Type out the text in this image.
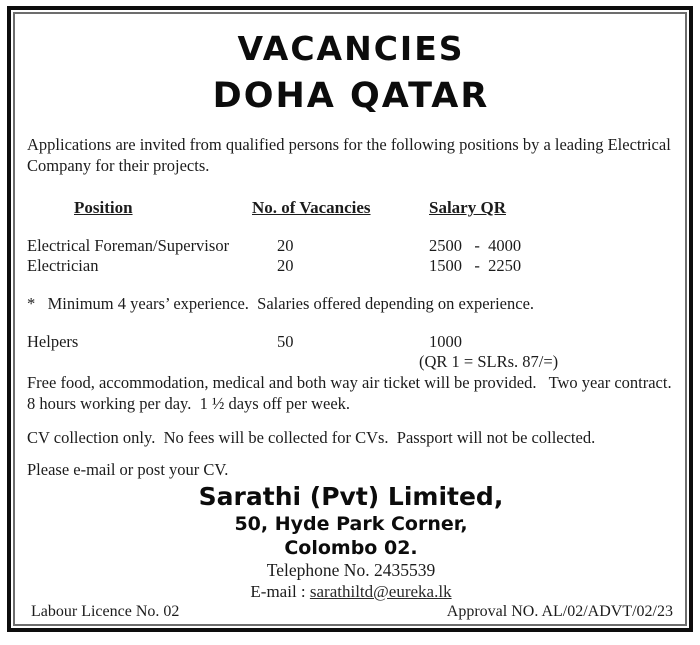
VACANCIES
DOHA QATAR
Applications are invited from qualified persons for the following positions by a leading Electrical Company for their projects.
Position	No. of Vacancies	Salary QR
Electrical Foreman/Supervisor	20	2500   -  4000
Electrician	20	1500   -  2250
*   Minimum 4 years’ experience.  Salaries offered depending on experience.
Helpers	50	1000
(QR 1 = SLRs. 87/=)
Free food, accommodation, medical and both way air ticket will be provided.   Two year contract.  8 hours working per day.  1 ½ days off per week.
CV collection only.  No fees will be collected for CVs.  Passport will not be collected.
Please e-mail or post your CV.
Sarathi (Pvt) Limited,
50, Hyde Park Corner,
Colombo 02.
Telephone No. 2435539
E-mail : sarathiltd@eureka.lk
Labour Licence No. 02	Approval NO. AL/02/ADVT/02/23
